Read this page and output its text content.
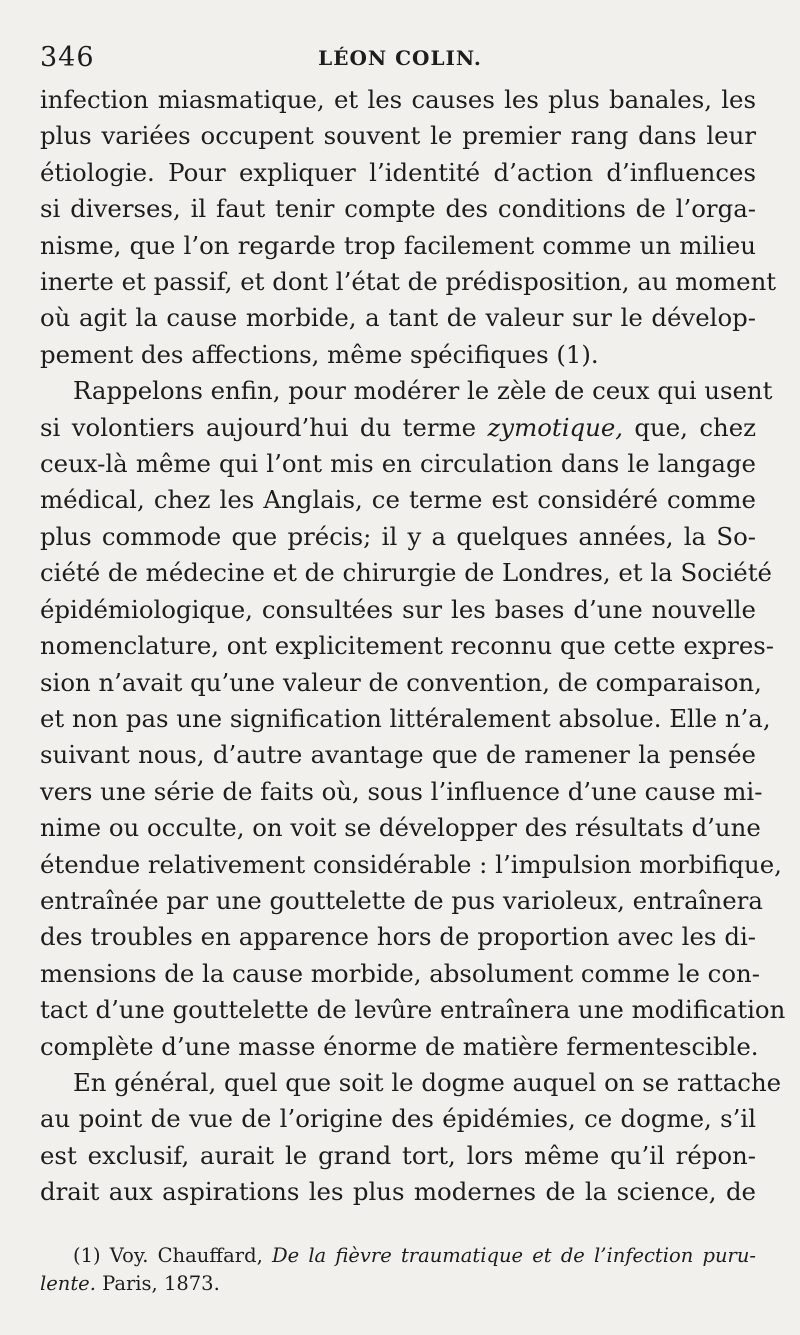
346	LÉON COLIN.
infection miasmatique, et les causes les plus banales, les
plus variées occupent souvent le premier rang dans leur
étiologie. Pour expliquer l’identité d’action d’influences
si diverses, il faut tenir compte des conditions de l’orga-
nisme, que l’on regarde trop facilement comme un milieu
inerte et passif, et dont l’état de prédisposition, au moment
où agit la cause morbide, a tant de valeur sur le dévelop-
pement des affections, même spécifiques (1).
Rappelons enfin, pour modérer le zèle de ceux qui usent
si volontiers aujourd’hui du terme zymotique, que, chez
ceux-là même qui l’ont mis en circulation dans le langage
médical, chez les Anglais, ce terme est considéré comme
plus commode que précis; il y a quelques années, la So-
ciété de médecine et de chirurgie de Londres, et la Société
épidémiologique, consultées sur les bases d’une nouvelle
nomenclature, ont explicitement reconnu que cette expres-
sion n’avait qu’une valeur de convention, de comparaison,
et non pas une signification littéralement absolue. Elle n’a,
suivant nous, d’autre avantage que de ramener la pensée
vers une série de faits où, sous l’influence d’une cause mi-
nime ou occulte, on voit se développer des résultats d’une
étendue relativement considérable : l’impulsion morbifique,
entraînée par une gouttelette de pus varioleux, entraînera
des troubles en apparence hors de proportion avec les di-
mensions de la cause morbide, absolument comme le con-
tact d’une gouttelette de levûre entraînera une modification
complète d’une masse énorme de matière fermentescible.
En général, quel que soit le dogme auquel on se rattache
au point de vue de l’origine des épidémies, ce dogme, s’il
est exclusif, aurait le grand tort, lors même qu’il répon-
drait aux aspirations les plus modernes de la science, de
(1) Voy. Chauffard, De la fièvre traumatique et de l’infection puru-
lente. Paris, 1873.
